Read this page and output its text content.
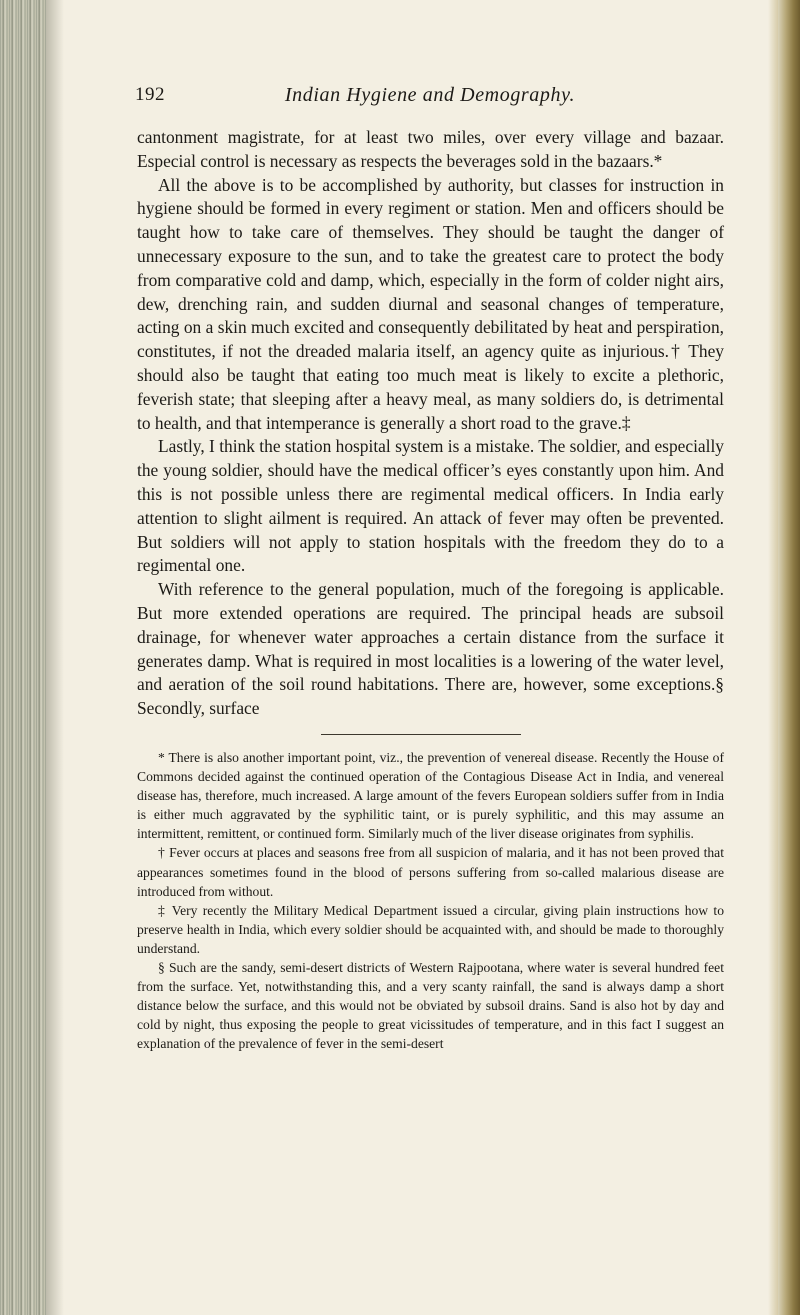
192	Indian Hygiene and Demography.

cantonment magistrate, for at least two miles, over every village and bazaar. Especial control is necessary as respects the beverages sold in the bazaars.*

All the above is to be accomplished by authority, but classes for instruction in hygiene should be formed in every regiment or station. Men and officers should be taught how to take care of themselves. They should be taught the danger of unnecessary exposure to the sun, and to take the greatest care to protect the body from comparative cold and damp, which, especially in the form of colder night airs, dew, drenching rain, and sudden diurnal and seasonal changes of temperature, acting on a skin much excited and consequently debilitated by heat and perspiration, constitutes, if not the dreaded malaria itself, an agency quite as injurious.† They should also be taught that eating too much meat is likely to excite a plethoric, feverish state; that sleeping after a heavy meal, as many soldiers do, is detrimental to health, and that intemperance is generally a short road to the grave.‡

Lastly, I think the station hospital system is a mistake. The soldier, and especially the young soldier, should have the medical officer’s eyes constantly upon him. And this is not possible unless there are regimental medical officers. In India early attention to slight ailment is required. An attack of fever may often be prevented. But soldiers will not apply to station hospitals with the freedom they do to a regimental one.

With reference to the general population, much of the foregoing is applicable. But more extended operations are required. The principal heads are subsoil drainage, for whenever water approaches a certain distance from the surface it generates damp. What is required in most localities is a lowering of the water level, and aeration of the soil round habitations. There are, however, some exceptions.§ Secondly, surface

* There is also another important point, viz., the prevention of venereal disease. Recently the House of Commons decided against the continued operation of the Contagious Disease Act in India, and venereal disease has, therefore, much increased. A large amount of the fevers European soldiers suffer from in India is either much aggravated by the syphilitic taint, or is purely syphilitic, and this may assume an intermittent, remittent, or continued form. Similarly much of the liver disease originates from syphilis.

† Fever occurs at places and seasons free from all suspicion of malaria, and it has not been proved that appearances sometimes found in the blood of persons suffering from so-called malarious disease are introduced from without.

‡ Very recently the Military Medical Department issued a circular, giving plain instructions how to preserve health in India, which every soldier should be acquainted with, and should be made to thoroughly understand.

§ Such are the sandy, semi-desert districts of Western Rajpootana, where water is several hundred feet from the surface. Yet, notwithstanding this, and a very scanty rainfall, the sand is always damp a short distance below the surface, and this would not be obviated by subsoil drains. Sand is also hot by day and cold by night, thus exposing the people to great vicissitudes of temperature, and in this fact I suggest an explanation of the prevalence of fever in the semi-desert
